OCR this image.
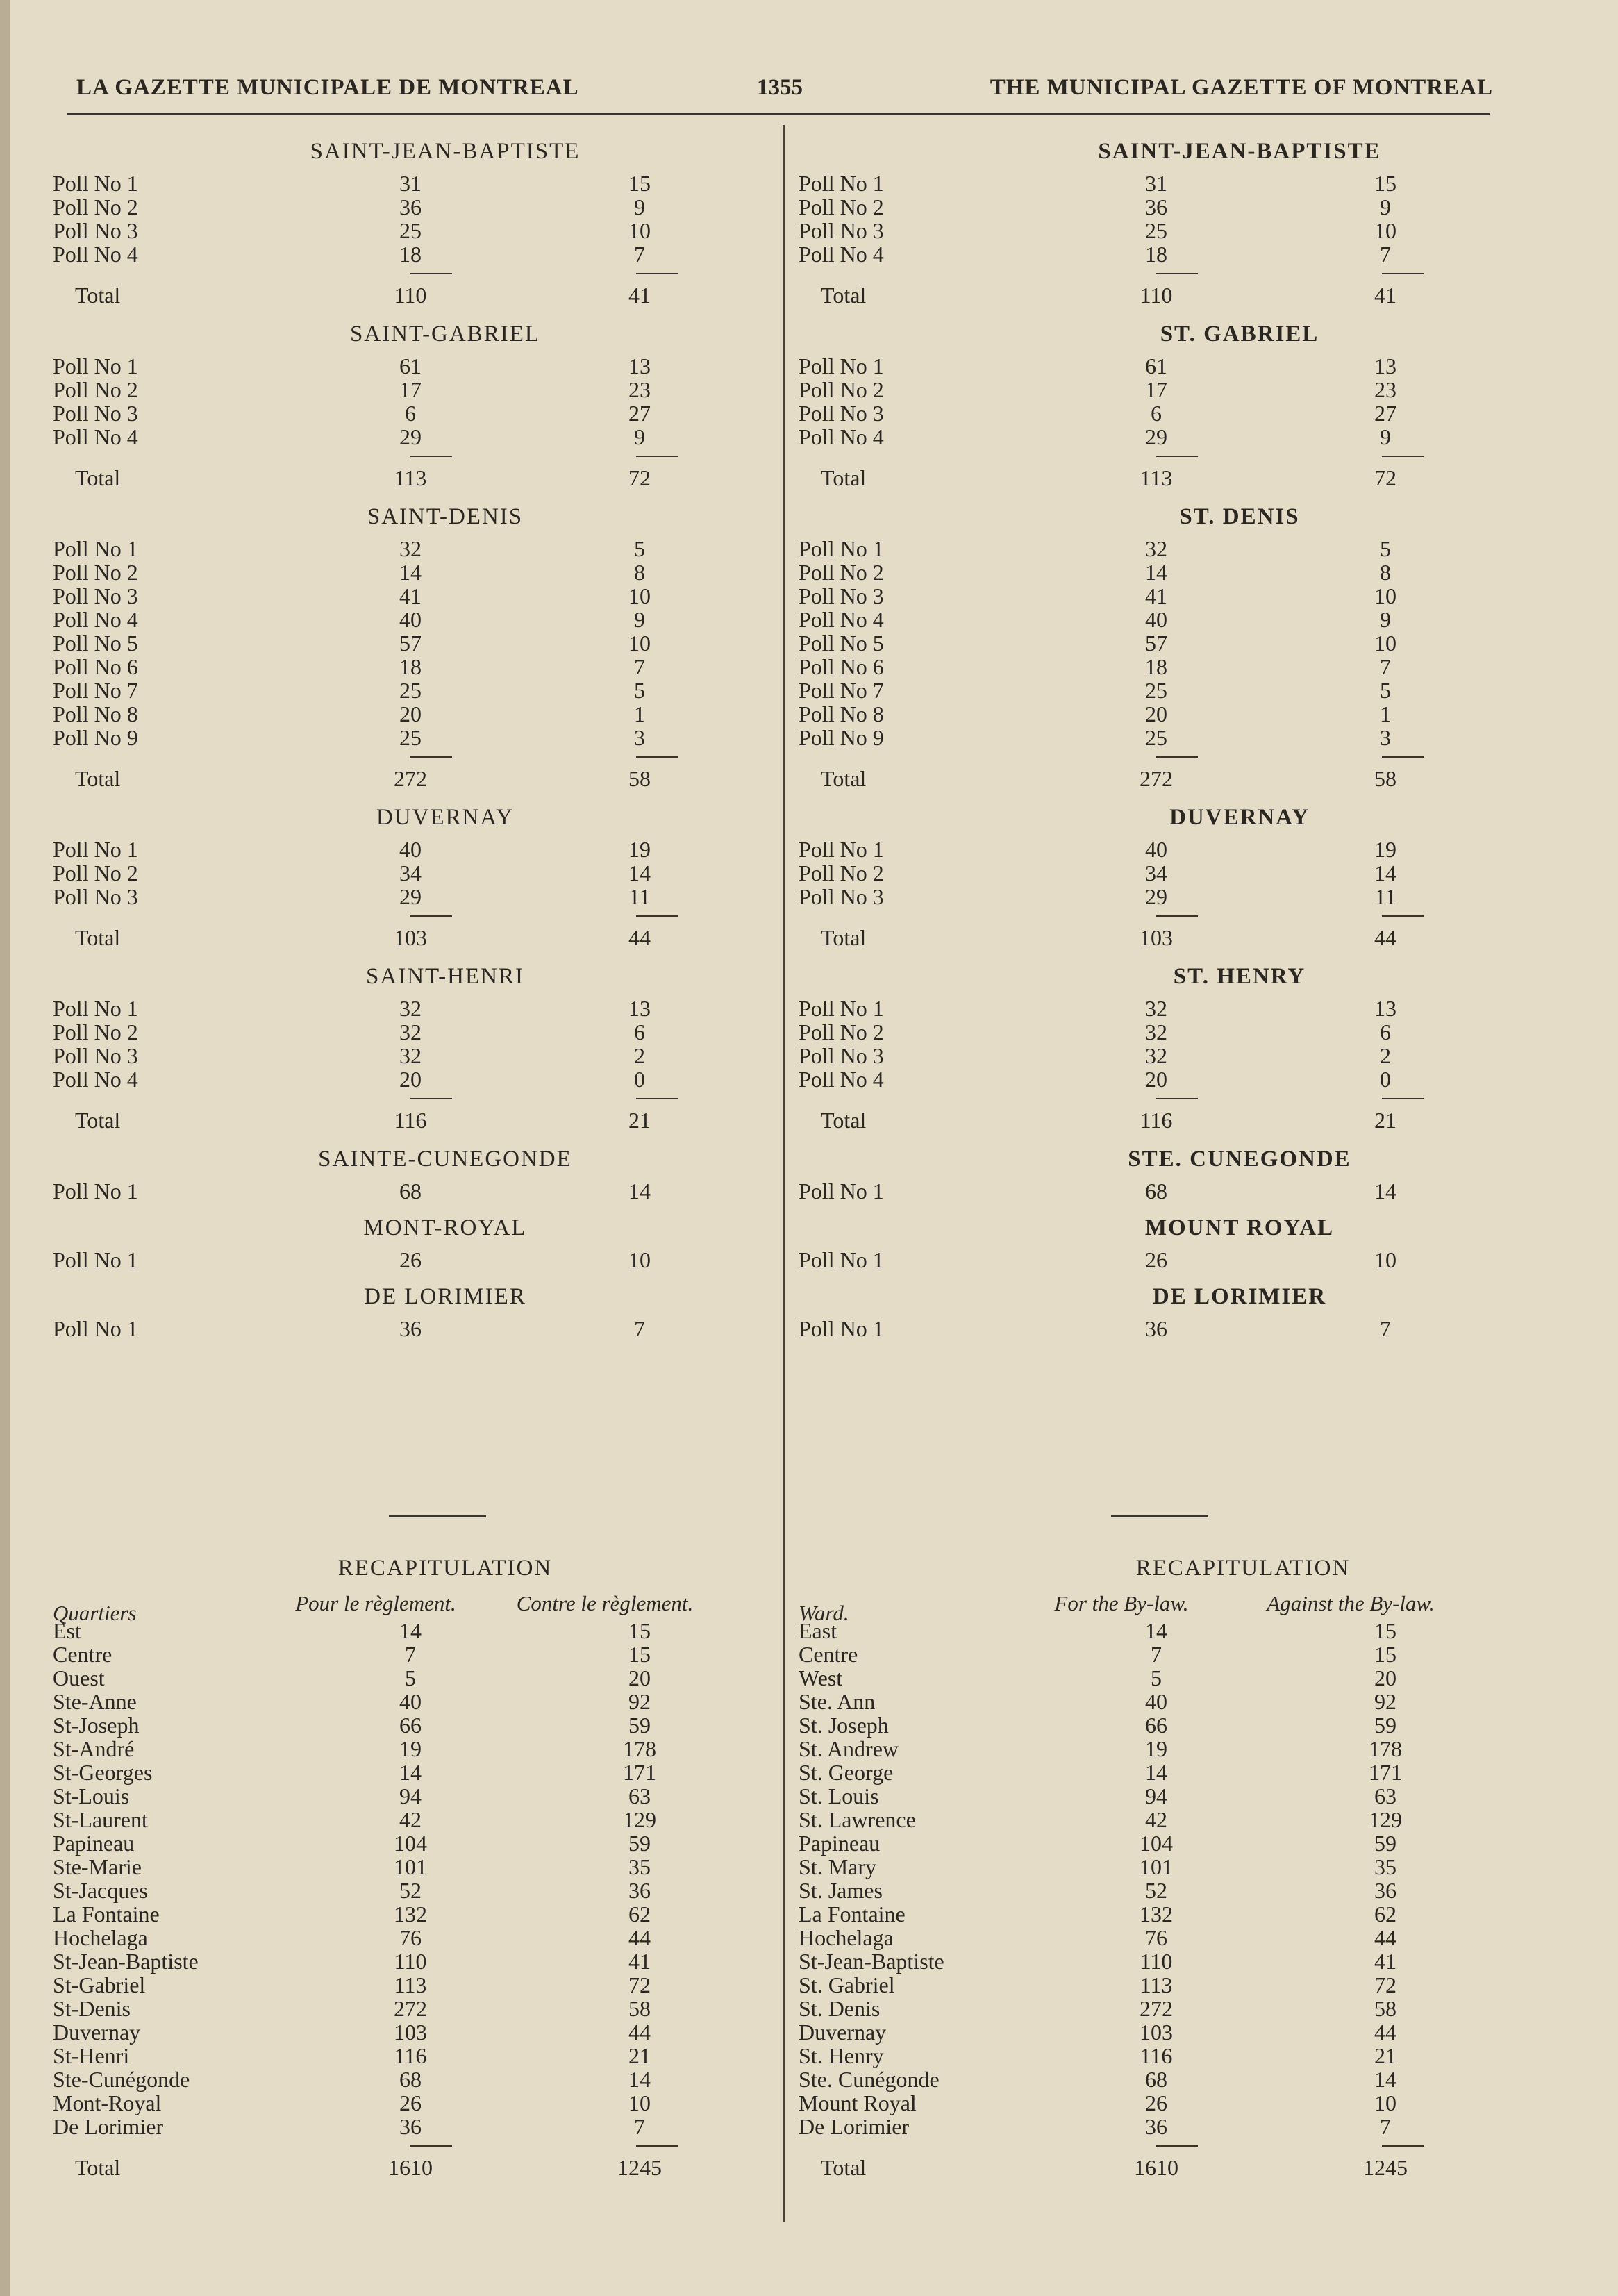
LA GAZETTE MUNICIPALE DE MONTREAL	1355	THE MUNICIPAL GAZETTE OF MONTREAL
SAINT-JEAN-BAPTISTE
Poll No 1	31	15
Poll No 2	36	9
Poll No 3	25	10
Poll No 4	18	7
Total	110	41
SAINT-GABRIEL
Poll No 1	61	13
Poll No 2	17	23
Poll No 3	6	27
Poll No 4	29	9
Total	113	72
SAINT-DENIS
Poll No 1	32	5
Poll No 2	14	8
Poll No 3	41	10
Poll No 4	40	9
Poll No 5	57	10
Poll No 6	18	7
Poll No 7	25	5
Poll No 8	20	1
Poll No 9	25	3
Total	272	58
DUVERNAY
Poll No 1	40	19
Poll No 2	34	14
Poll No 3	29	11
Total	103	44
SAINT-HENRI
Poll No 1	32	13
Poll No 2	32	6
Poll No 3	32	2
Poll No 4	20	0
Total	116	21
SAINTE-CUNEGONDE
Poll No 1	68	14
MONT-ROYAL
Poll No 1	26	10
DE LORIMIER
Poll No 1	36	7
SAINT-JEAN-BAPTISTE
Poll No 1	31	15
Poll No 2	36	9
Poll No 3	25	10
Poll No 4	18	7
Total	110	41
ST. GABRIEL
Poll No 1	61	13
Poll No 2	17	23
Poll No 3	6	27
Poll No 4	29	9
Total	113	72
ST. DENIS
Poll No 1	32	5
Poll No 2	14	8
Poll No 3	41	10
Poll No 4	40	9
Poll No 5	57	10
Poll No 6	18	7
Poll No 7	25	5
Poll No 8	20	1
Poll No 9	25	3
Total	272	58
DUVERNAY
Poll No 1	40	19
Poll No 2	34	14
Poll No 3	29	11
Total	103	44
ST. HENRY
Poll No 1	32	13
Poll No 2	32	6
Poll No 3	32	2
Poll No 4	20	0
Total	116	21
STE. CUNEGONDE
Poll No 1	68	14
MOUNT ROYAL
Poll No 1	26	10
DE LORIMIER
Poll No 1	36	7
RECAPITULATION
Quartiers	Pour le règlement.	Contre le règlement.
Est	14	15
Centre	7	15
Ouest	5	20
Ste-Anne	40	92
St-Joseph	66	59
St-André	19	178
St-Georges	14	171
St-Louis	94	63
St-Laurent	42	129
Papineau	104	59
Ste-Marie	101	35
St-Jacques	52	36
La Fontaine	132	62
Hochelaga	76	44
St-Jean-Baptiste	110	41
St-Gabriel	113	72
St-Denis	272	58
Duvernay	103	44
St-Henri	116	21
Ste-Cunégonde	68	14
Mont-Royal	26	10
De Lorimier	36	7
Total	1610	1245
RECAPITULATION
Ward.	For the By-law.	Against the By-law.
East	14	15
Centre	7	15
West	5	20
Ste. Ann	40	92
St. Joseph	66	59
St. Andrew	19	178
St. George	14	171
St. Louis	94	63
St. Lawrence	42	129
Papineau	104	59
St. Mary	101	35
St. James	52	36
La Fontaine	132	62
Hochelaga	76	44
St-Jean-Baptiste	110	41
St. Gabriel	113	72
St. Denis	272	58
Duvernay	103	44
St. Henry	116	21
Ste. Cunégonde	68	14
Mount Royal	26	10
De Lorimier	36	7
Total	1610	1245
